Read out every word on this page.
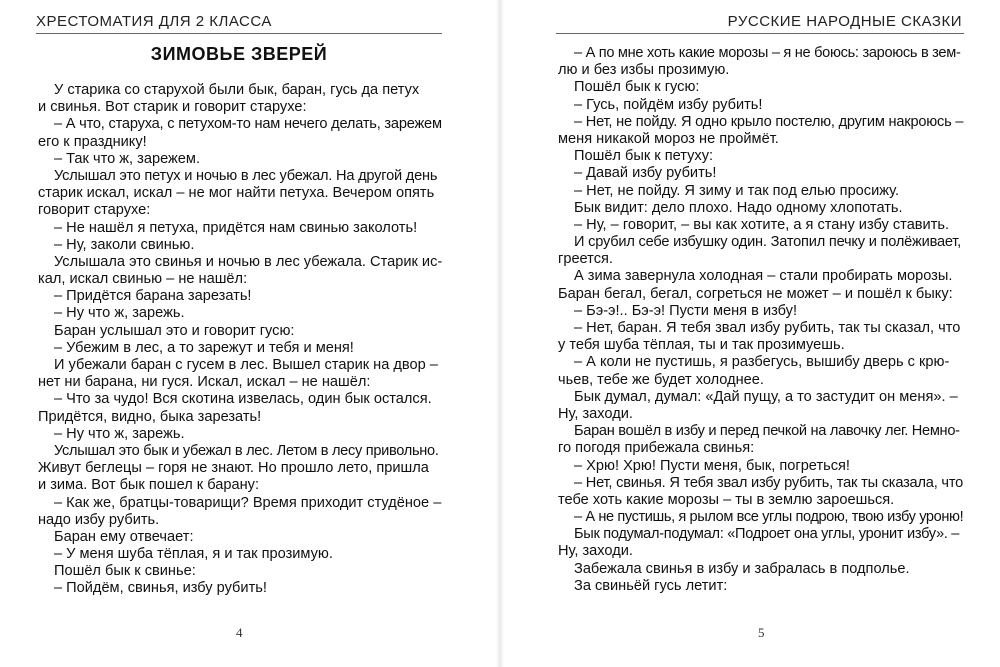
ХРЕСТОМАТИЯ ДЛЯ 2 КЛАССА
ЗИМОВЬЕ ЗВЕРЕЙ
У старика со старухой были бык, баран, гусь да петух
и свинья. Вот старик и говорит старухе:
– А что, старуха, с петухом-то нам нечего делать, зарежем
его к празднику!
– Так что ж, зарежем.
Услышал это петух и ночью в лес убежал. На другой день
старик искал, искал – не мог найти петуха. Вечером опять
говорит старухе:
– Не нашёл я петуха, придётся нам свинью заколоть!
– Ну, заколи свинью.
Услышала это свинья и ночью в лес убежала. Старик ис-
кал, искал свинью – не нашёл:
– Придётся барана зарезать!
– Ну что ж, зарежь.
Баран услышал это и говорит гусю:
– Убежим в лес, а то зарежут и тебя и меня!
И убежали баран с гусем в лес. Вышел старик на двор –
нет ни барана, ни гуся. Искал, искал – не нашёл:
– Что за чудо! Вся скотина извелась, один бык остался.
Придётся, видно, быка зарезать!
– Ну что ж, зарежь.
Услышал это бык и убежал в лес. Летом в лесу привольно.
Живут беглецы – горя не знают. Но прошло лето, пришла
и зима. Вот бык пошел к барану:
– Как же, братцы-товарищи? Время приходит студёное –
надо избу рубить.
Баран ему отвечает:
– У меня шуба тёплая, я и так прозимую.
Пошёл бык к свинье:
– Пойдём, свинья, избу рубить!
4
РУССКИЕ НАРОДНЫЕ СКАЗКИ
– А по мне хоть какие морозы – я не боюсь: зароюсь в зем-
лю и без избы прозимую.
Пошёл бык к гусю:
– Гусь, пойдём избу рубить!
– Нет, не пойду. Я одно крыло постелю, другим накроюсь –
меня никакой мороз не проймёт.
Пошёл бык к петуху:
– Давай избу рубить!
– Нет, не пойду. Я зиму и так под елью просижу.
Бык видит: дело плохо. Надо одному хлопотать.
– Ну, – говорит, – вы как хотите, а я стану избу ставить.
И срубил себе избушку один. Затопил печку и полёживает,
греется.
А зима завернула холодная – стали пробирать морозы.
Баран бегал, бегал, согреться не может – и пошёл к быку:
– Бэ-э!.. Бэ-э! Пусти меня в избу!
– Нет, баран. Я тебя звал избу рубить, так ты сказал, что
у тебя шуба тёплая, ты и так прозимуешь.
– А коли не пустишь, я разбегусь, вышибу дверь с крю-
чьев, тебе же будет холоднее.
Бык думал, думал: «Дай пущу, а то застудит он меня». –
Ну, заходи.
Баран вошёл в избу и перед печкой на лавочку лег. Немно-
го погодя прибежала свинья:
– Хрю! Хрю! Пусти меня, бык, погреться!
– Нет, свинья. Я тебя звал избу рубить, так ты сказала, что
тебе хоть какие морозы – ты в землю зароешься.
– А не пустишь, я рылом все углы подрою, твою избу уроню!
Бык подумал-подумал: «Подроет она углы, уронит избу». –
Ну, заходи.
Забежала свинья в избу и забралась в подполье.
За свиньёй гусь летит:
5
